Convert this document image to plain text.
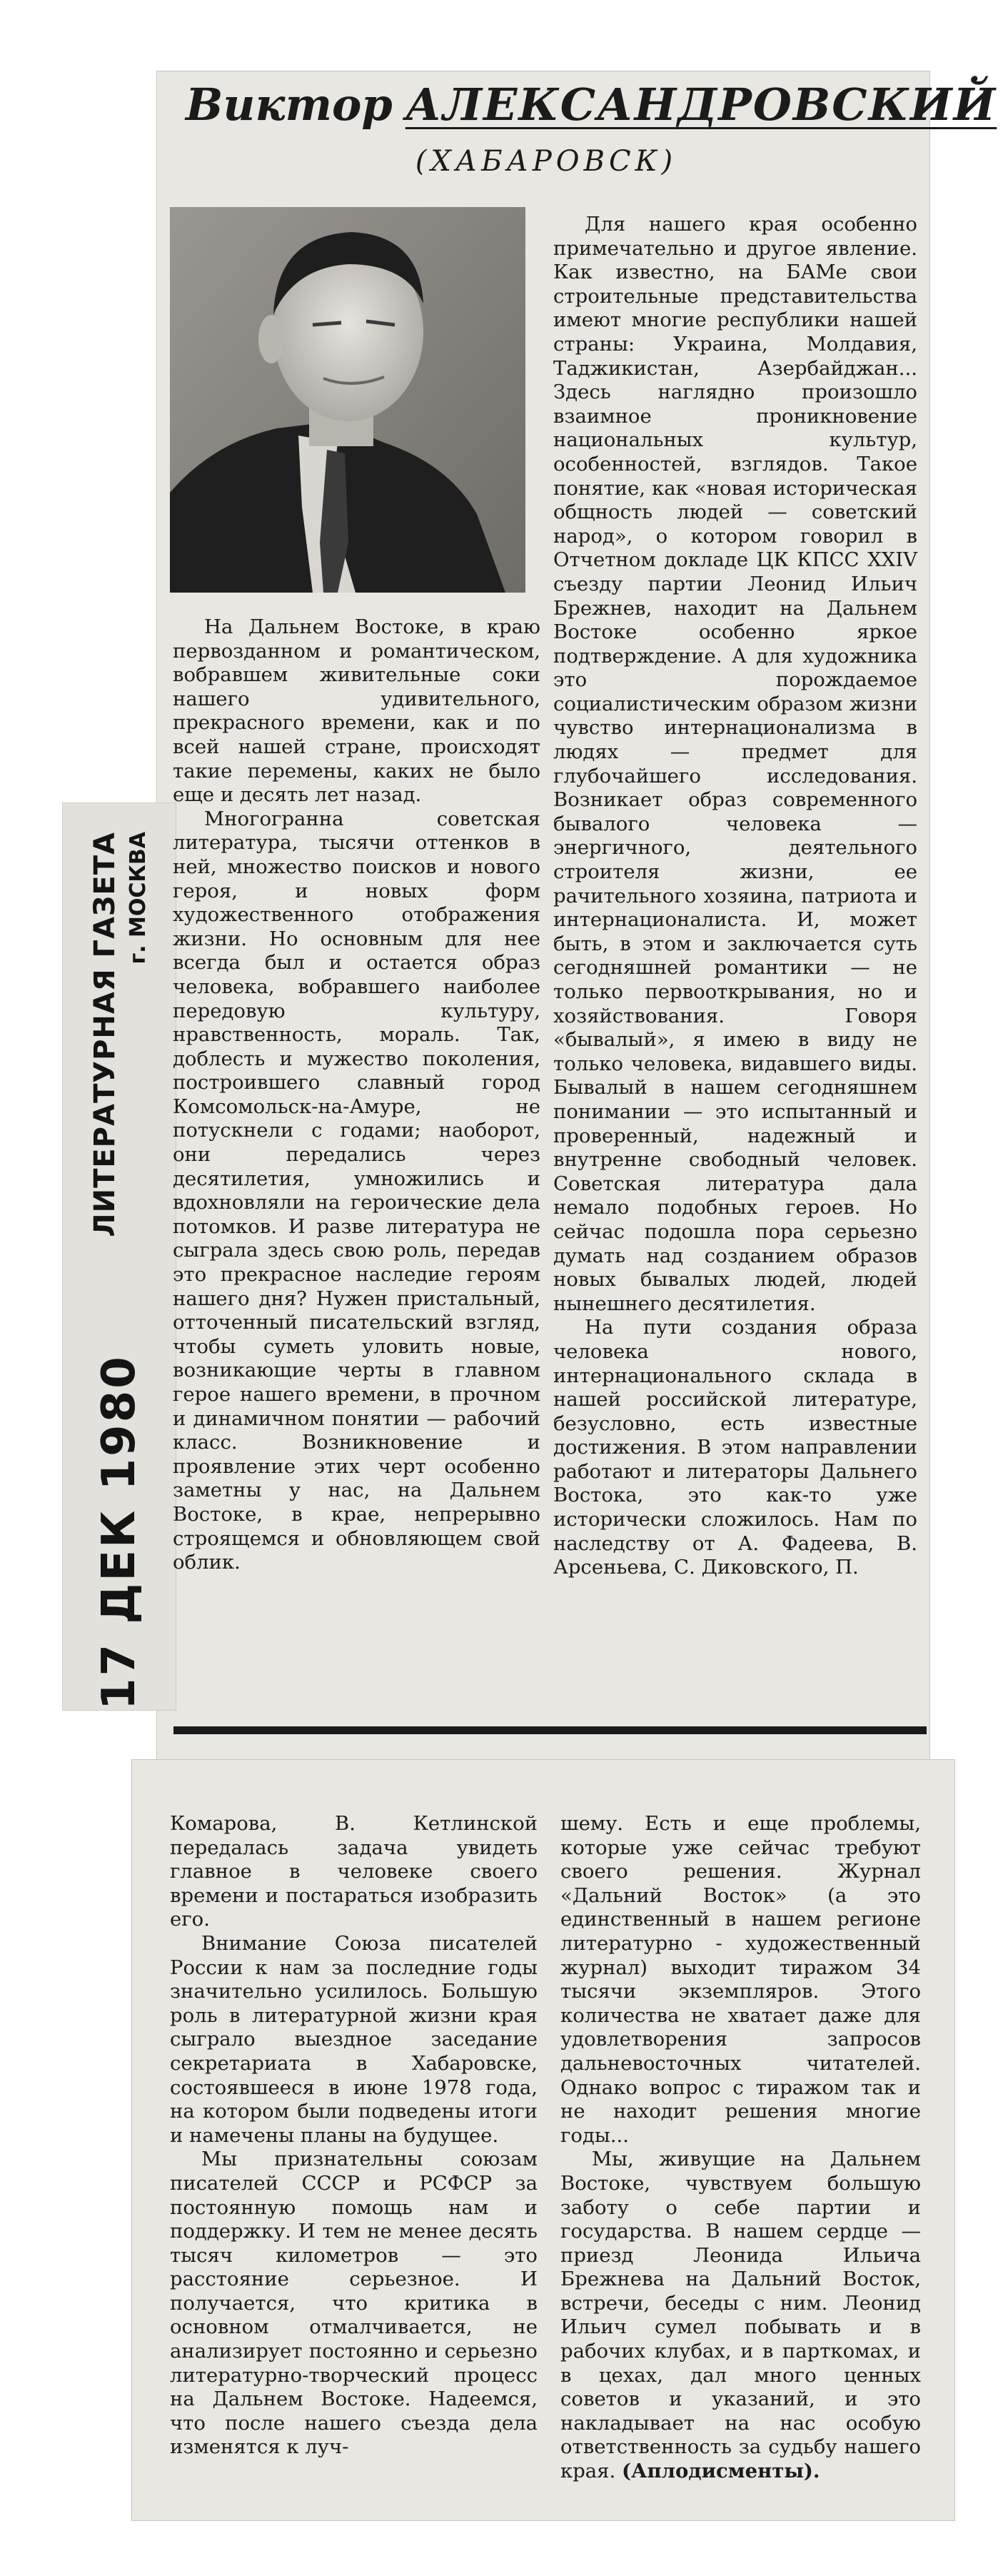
17 ДЕК 1980
ЛИТЕРАТУРНАЯ ГАЗЕТА г. МОСКВА
Виктор АЛЕКСАНДРОВСКИЙ
(ХАБАРОВСК)

На Дальнем Востоке, в краю первозданном и романтическом, вобравшем живительные соки нашего удивительного, прекрасного времени, как и по всей нашей стране, происходят такие перемены, каких не было еще и десять лет назад.

Многогранна советская литература, тысячи оттенков в ней, множество поисков и нового героя, и новых форм художественного отображения жизни. Но основным для нее всегда был и остается образ человека, вобравшего наиболее передовую культуру, нравственность, мораль. Так, доблесть и мужество поколения, построившего славный город Комсомольск-на-Амуре, не потускнели с годами; наоборот, они передались через десятилетия, умножились и вдохновляли на героические дела потомков. И разве литература не сыграла здесь свою роль, передав это прекрасное наследие героям нашего дня? Нужен пристальный, отточенный писательский взгляд, чтобы суметь уловить новые, возникающие черты в главном герое нашего времени, в прочном и динамичном понятии — рабочий класс. Возникновение и проявление этих черт особенно заметны у нас, на Дальнем Востоке, в крае, непрерывно строящемся и обновляющем свой облик.

Для нашего края особенно примечательно и другое явление. Как известно, на БАМе свои строительные представительства имеют многие республики нашей страны: Украина, Молдавия, Таджикистан, Азербайджан... Здесь наглядно произошло взаимное проникновение национальных культур, особенностей, взглядов. Такое понятие, как «новая историческая общность людей — советский народ», о котором говорил в Отчетном докладе ЦК КПСС XXIV съезду партии Леонид Ильич Брежнев, находит на Дальнем Востоке особенно яркое подтверждение. А для художника это порождаемое социалистическим образом жизни чувство интернационализма в людях — предмет для глубочайшего исследования. Возникает образ современного бывалого человека — энергичного, деятельного строителя жизни, ее рачительного хозяина, патриота и интернационалиста. И, может быть, в этом и заключается суть сегодняшней романтики — не только первооткрывания, но и хозяйствования. Говоря «бывалый», я имею в виду не только человека, видавшего виды. Бывалый в нашем сегодняшнем понимании — это испытанный и проверенный, надежный и внутренне свободный человек. Советская литература дала немало подобных героев. Но сейчас подошла пора серьезно думать над созданием образов новых бывалых людей, людей нынешнего десятилетия.

На пути создания образа человека нового, интернационального склада в нашей российской литературе, безусловно, есть известные достижения. В этом направлении работают и литераторы Дальнего Востока, это как-то уже исторически сложилось. Нам по наследству от А. Фадеева, В. Арсеньева, С. Диковского, П.

Комарова, В. Кетлинской передалась задача увидеть главное в человеке своего времени и постараться изобразить его.

Внимание Союза писателей России к нам за последние годы значительно усилилось. Большую роль в литературной жизни края сыграло выездное заседание секретариата в Хабаровске, состоявшееся в июне 1978 года, на котором были подведены итоги и намечены планы на будущее.

Мы признательны союзам писателей СССР и РСФСР за постоянную помощь нам и поддержку. И тем не менее десять тысяч километров — это расстояние серьезное. И получается, что критика в основном отмалчивается, не анализирует постоянно и серьезно литературно-творческий процесс на Дальнем Востоке. Надеемся, что после нашего съезда дела изменятся к луч-

шему. Есть и еще проблемы, которые уже сейчас требуют своего решения. Журнал «Дальний Восток» (а это единственный в нашем регионе литературно - художественный журнал) выходит тиражом 34 тысячи экземпляров. Этого количества не хватает даже для удовлетворения запросов дальневосточных читателей. Однако вопрос с тиражом так и не находит решения многие годы...

Мы, живущие на Дальнем Востоке, чувствуем большую заботу о себе партии и государства. В нашем сердце — приезд Леонида Ильича Брежнева на Дальний Восток, встречи, беседы с ним. Леонид Ильич сумел побывать и в рабочих клубах, и в парткомах, и в цехах, дал много ценных советов и указаний, и это накладывает на нас особую ответственность за судьбу нашего края. (Аплодисменты).
